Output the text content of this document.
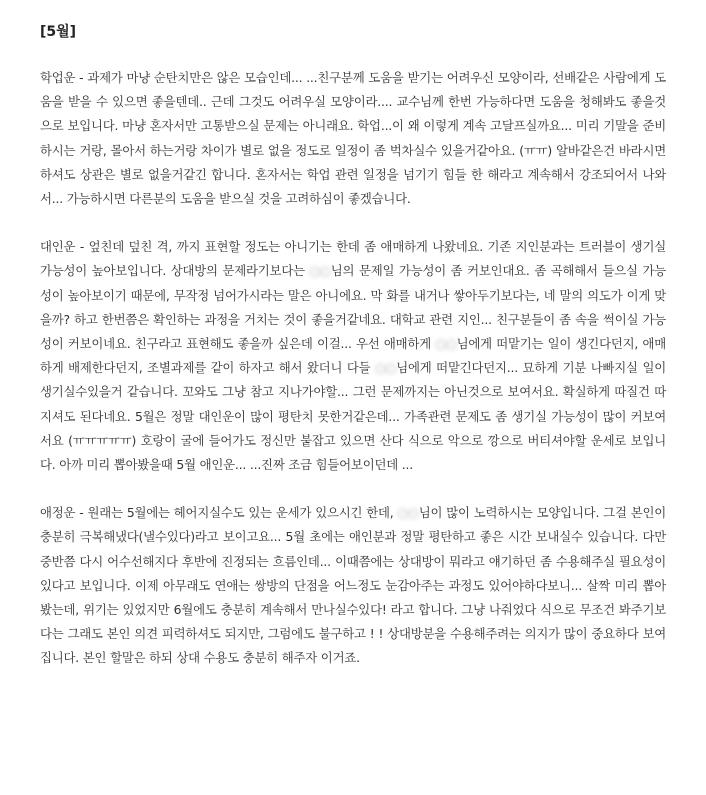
[5월]
학업운 - 과제가 마냥 순탄치만은 않은 모습인데... ...친구분께 도움을 받기는 어려우신 모양이라, 선배같은 사람에게 도움을 받을 수 있으면 좋을텐데.. 근데 그것도 어려우실 모양이라.... 교수님께 한번 가능하다면 도움을 청해봐도 좋을것으로 보입니다. 마냥 혼자서만 고통받으실 문제는 아니래요. 학업...이 왜 이렇게 계속 고달프실까요... 미리 기말을 준비하시는 거랑, 몰아서 하는거랑 차이가 별로 없을 정도로 일정이 좀 벅차실수 있을거같아요. (ㅠㅠ) 알바같은건 바라시면 하셔도 상관은 별로 없을거같긴 합니다. 혼자서는 학업 관련 일정을 넘기기 힘들 한 해라고 계속해서 강조되어서 나와서... 가능하시면 다른분의 도움을 받으실 것을 고려하심이 좋겠습니다.
대인운 - 엎친데 덮친 격, 까지 표현할 정도는 아니기는 한데 좀 애매하게 나왔네요. 기존 지인분과는 트러블이 생기실 가능성이 높아보입니다. 상대방의 문제라기보다는 ○○님의 문제일 가능성이 좀 커보인대요. 좀 곡해해서 들으실 가능성이 높아보이기 때문에, 무작정 넘어가시라는 말은 아니에요. 막 화를 내거나 쌓아두기보다는, 네 말의 의도가 이게 맞을까? 하고 한번쯤은 확인하는 과정을 거치는 것이 좋을거같네요. 대학교 관련 지인... 친구분들이 좀 속을 썩이실 가능성이 커보이네요. 친구라고 표현해도 좋을까 싶은데 이걸... 우선 애매하게 ○○님에게 떠맡기는 일이 생긴다던지, 애매하게 배제한다던지, 조별과제를 같이 하자고 해서 왔더니 다들 ○○님에게 떠맡긴다던지... 묘하게 기분 나빠지실 일이 생기실수있을거 같습니다. 꼬와도 그냥 참고 지나가야할... 그런 문제까지는 아닌것으로 보여서요. 확실하게 따질건 따지셔도 된다네요. 5월은 정말 대인운이 많이 평탄치 못한거같은데... 가족관련 문제도 좀 생기실 가능성이 많이 커보여서요 (ㅠㅠㅠㅠㅠ) 호랑이 굴에 들어가도 정신만 붙잡고 있으면 산다 식으로 악으로 깡으로 버티셔야할 운세로 보입니다. 아까 미리 뽑아봤을때 5월 애인운... ...진짜 조금 힘들어보이던데 ...
애정운 - 원래는 5월에는 헤어지실수도 있는 운세가 있으시긴 한데, ○○님이 많이 노력하시는 모양입니다. 그걸 본인이 충분히 극복해냈다(낼수있다)라고 보이고요... 5월 초에는 애인분과 정말 평탄하고 좋은 시간 보내실수 있습니다. 다만 중반쯤 다시 어수선해지다 후반에 진정되는 흐름인데... 이때쯤에는 상대방이 뭐라고 얘기하던 좀 수용해주실 필요성이 있다고 보입니다. 이제 아무래도 연애는 쌍방의 단점을 어느정도 눈감아주는 과정도 있어야하다보니... 살짝 미리 뽑아봤는데, 위기는 있었지만 6월에도 충분히 계속해서 만나실수있다! 라고 합니다. 그냥 나줘었다 식으로 무조건 봐주기보다는 그래도 본인 의견 피력하셔도 되지만, 그럼에도 불구하고 ! ! 상대방분을 수용해주려는 의지가 많이 중요하다 보여집니다. 본인 할말은 하되 상대 수용도 충분히 해주자 이거죠.
